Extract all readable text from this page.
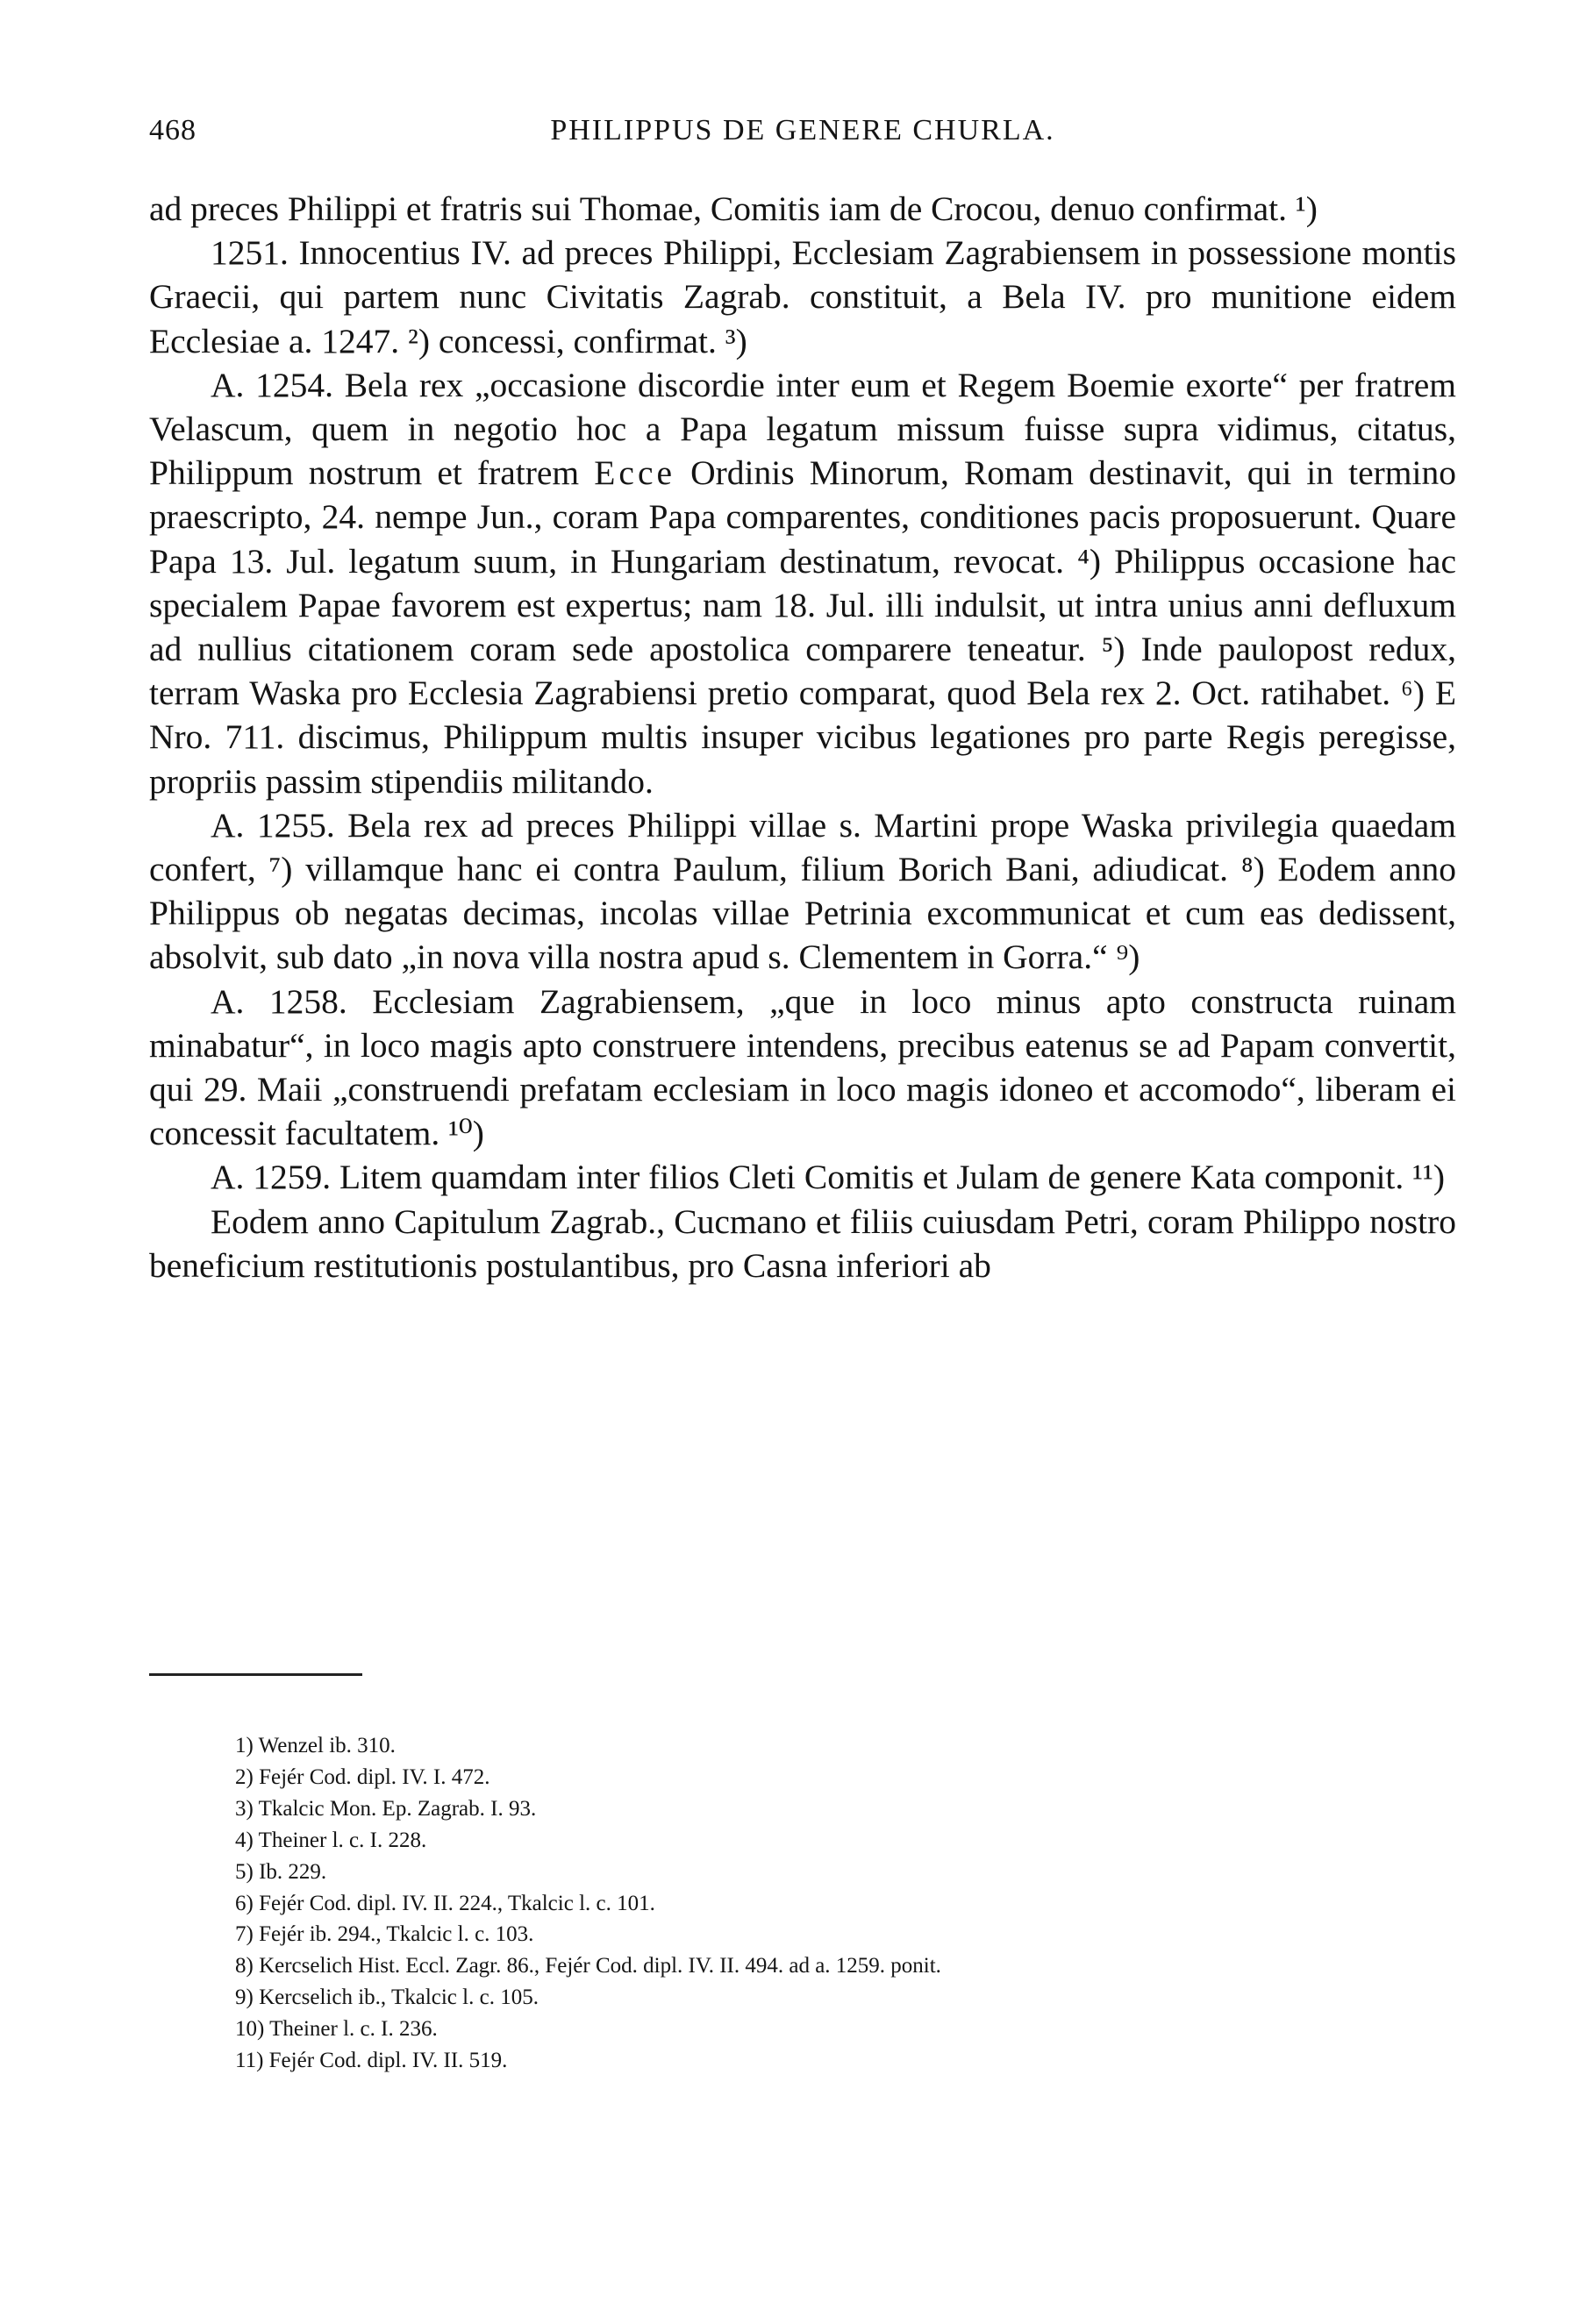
468	PHILIPPUS DE GENERE CHURLA.

ad preces Philippi et fratris sui Thomae, Comitis iam de Crocou, denuo confirmat. ¹)

1251. Innocentius IV. ad preces Philippi, Ecclesiam Zagrabiensem in possessione montis Graecii, qui partem nunc Civitatis Zagrab. constituit, a Bela IV. pro munitione eidem Ecclesiae a. 1247. ²) concessi, confirmat. ³)

A. 1254. Bela rex „occasione discordie inter eum et Regem Boemie exorte“ per fratrem Velascum, quem in negotio hoc a Papa legatum missum fuisse supra vidimus, citatus, Philippum nostrum et fratrem Ecce Ordinis Minorum, Romam destinavit, qui in termino praescripto, 24. nempe Jun., coram Papa comparentes, conditiones pacis proposuerunt. Quare Papa 13. Jul. legatum suum, in Hungariam destinatum, revocat. ⁴) Philippus occasione hac specialem Papae favorem est expertus; nam 18. Jul. illi indulsit, ut intra unius anni defluxum ad nullius citationem coram sede apostolica comparere teneatur. ⁵) Inde paulopost redux, terram Waska pro Ecclesia Zagrabiensi pretio comparat, quod Bela rex 2. Oct. ratihabet. ⁶) E Nro. 711. discimus, Philippum multis insuper vicibus legationes pro parte Regis peregisse, propriis passim stipendiis militando.

A. 1255. Bela rex ad preces Philippi villae s. Martini prope Waska privilegia quaedam confert, ⁷) villamque hanc ei contra Paulum, filium Borich Bani, adiudicat. ⁸) Eodem anno Philippus ob negatas decimas, incolas villae Petrinia excommunicat et cum eas dedissent, absolvit, sub dato „in nova villa nostra apud s. Clementem in Gorra.“ ⁹)

A. 1258. Ecclesiam Zagrabiensem, „que in loco minus apto constructa ruinam minabatur“, in loco magis apto construere intendens, precibus eatenus se ad Papam convertit, qui 29. Maii „construendi prefatam ecclesiam in loco magis idoneo et accomodo“, liberam ei concessit facultatem. ¹⁰)

A. 1259. Litem quamdam inter filios Cleti Comitis et Julam de genere Kata componit. ¹¹)

Eodem anno Capitulum Zagrab., Cucmano et filiis cuiusdam Petri, coram Philippo nostro beneficium restitutionis postulantibus, pro Casna inferiori ab

1) Wenzel ib. 310.
2) Fejér Cod. dipl. IV. I. 472.
3) Tkalcic Mon. Ep. Zagrab. I. 93.
4) Theiner l. c. I. 228.
5) Ib. 229.
6) Fejér Cod. dipl. IV. II. 224., Tkalcic l. c. 101.
7) Fejér ib. 294., Tkalcic l. c. 103.
8) Kercselich Hist. Eccl. Zagr. 86., Fejér Cod. dipl. IV. II. 494. ad a. 1259. ponit.
9) Kercselich ib., Tkalcic l. c. 105.
10) Theiner l. c. I. 236.
11) Fejér Cod. dipl. IV. II. 519.
